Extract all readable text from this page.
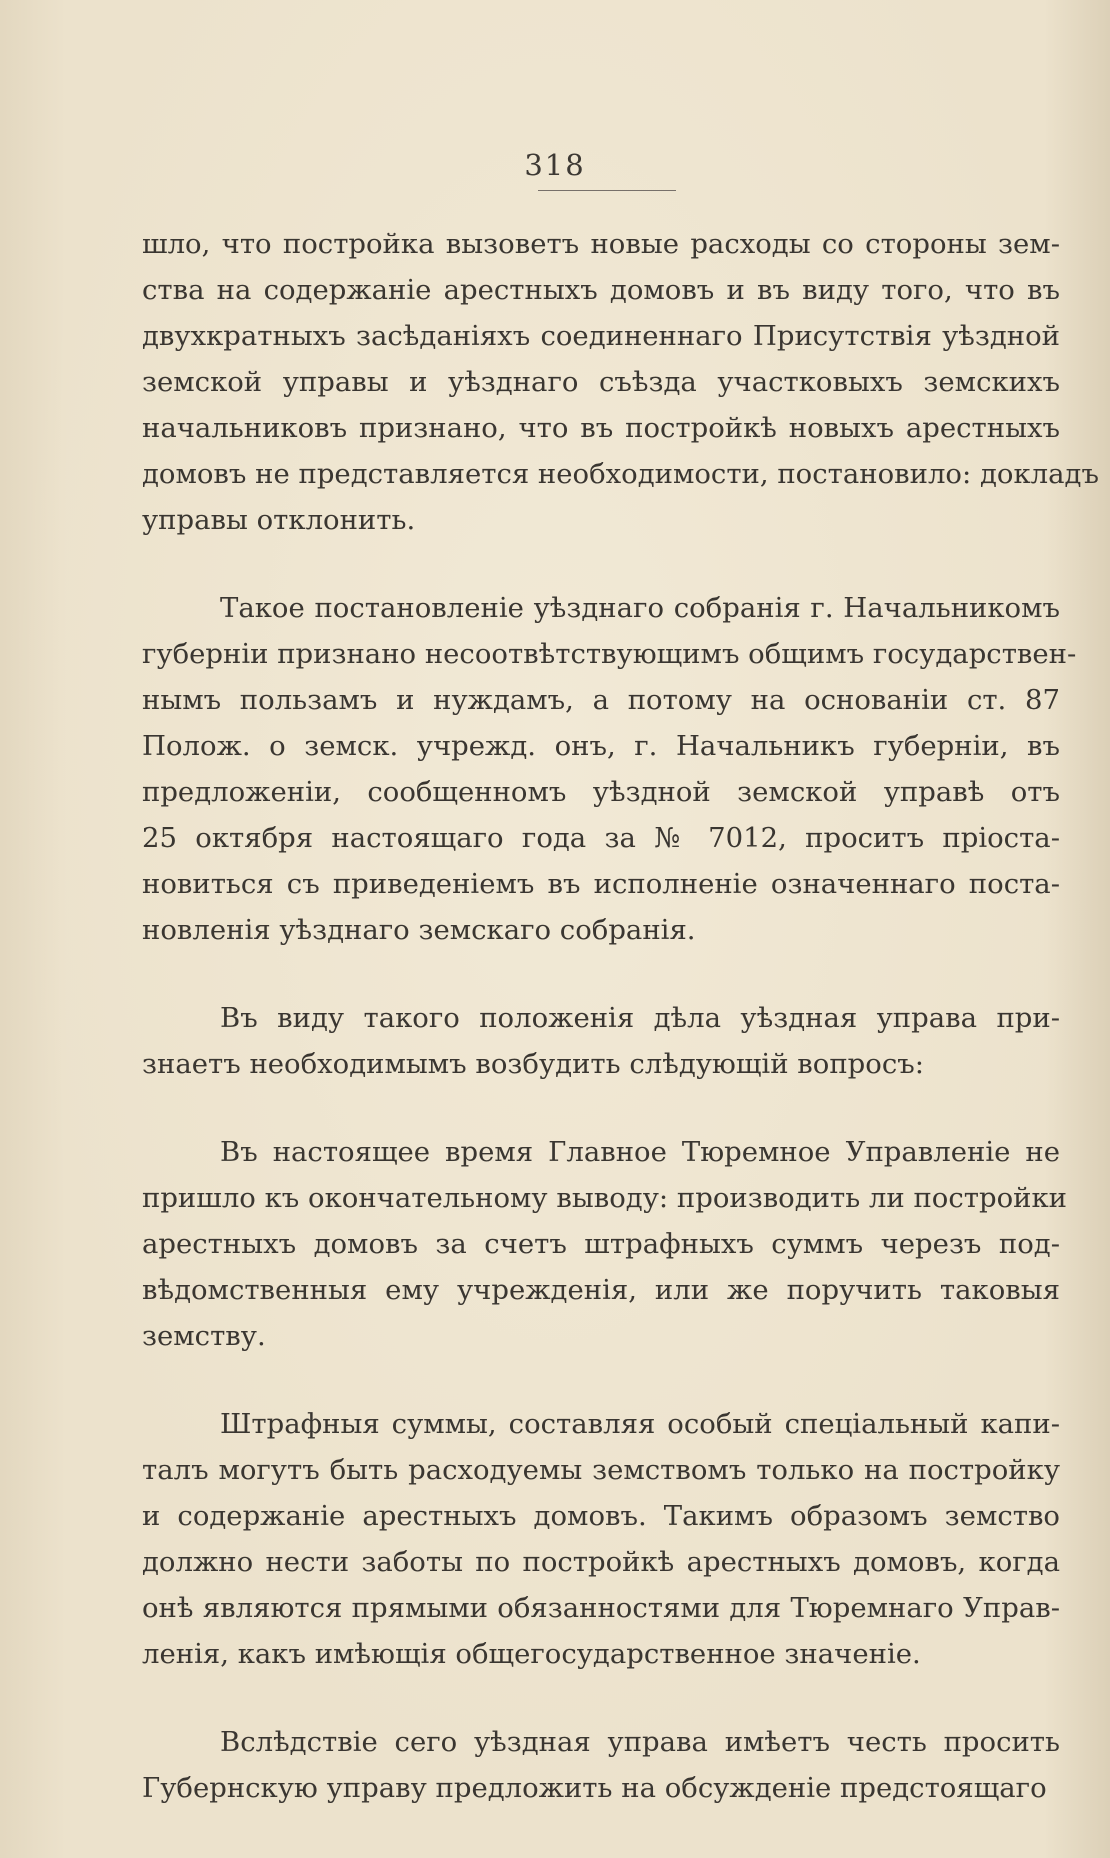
318
шло, что постройка вызоветъ новые расходы со стороны зем-
ства на содержаніе арестныхъ домовъ и въ виду того, что въ
двухкратныхъ засѣданіяхъ соединеннаго Присутствія уѣздной
земской управы и уѣзднаго съѣзда участковыхъ земскихъ
начальниковъ признано, что въ постройкѣ новыхъ арестныхъ
домовъ не представляется необходимости, постановило: докладъ
управы отклонить.
Такое постановленіе уѣзднаго собранія г. Начальникомъ
губерніи признано несоотвѣтствующимъ общимъ государствен-
нымъ пользамъ и нуждамъ, а потому на основаніи ст. 87
Полож. о земск. учрежд. онъ, г. Начальникъ губерніи, въ
предложеніи, сообщенномъ уѣздной земской управѣ отъ
25 октября настоящаго года за № 7012, проситъ пріоста-
новиться съ приведеніемъ въ исполненіе означеннаго поста-
новленія уѣзднаго земскаго собранія.
Въ виду такого положенія дѣла уѣздная управа при-
знаетъ необходимымъ возбудить слѣдующій вопросъ:
Въ настоящее время Главное Тюремное Управленіе не
пришло къ окончательному выводу: производить ли постройки
арестныхъ домовъ за счетъ штрафныхъ суммъ черезъ под-
вѣдомственныя ему учрежденія, или же поручить таковыя
земству.
Штрафныя суммы, составляя особый спеціальный капи-
талъ могутъ быть расходуемы земствомъ только на постройку
и содержаніе арестныхъ домовъ. Такимъ образомъ земство
должно нести заботы по постройкѣ арестныхъ домовъ, когда
онѣ являются прямыми обязанностями для Тюремнаго Управ-
ленія, какъ имѣющія общегосударственное значеніе.
Вслѣдствіе сего уѣздная управа имѣетъ честь просить
Губернскую управу предложить на обсужденіе предстоящаго
